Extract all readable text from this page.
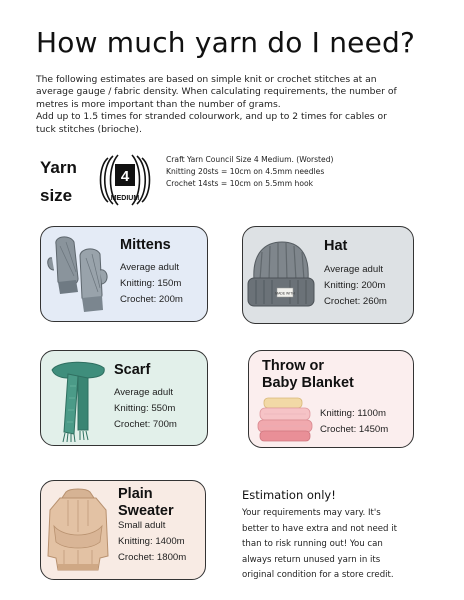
How much yarn do I need?
The following estimates are based on simple knit or crochet stitches at an
average gauge / fabric density. When calculating requirements, the number of
metres is more important than the number of grams.
Add up to 1.5 times for stranded colourwork, and up to 2 times for cables or
tuck stitches (brioche).
Yarn
size
4
MEDIUM
Craft Yarn Council Size 4 Medium. (Worsted)
Knitting 20sts = 10cm on 4.5mm needles
Crochet 14sts = 10cm on 5.5mm hook
Mittens
Average adult
Knitting: 150m
Crochet: 200m
MADE WITH
Hat
Average adult
Knitting: 200m
Crochet: 260m
Scarf
Average adult
Knitting: 550m
Crochet: 700m
Throw or
Baby Blanket
Knitting: 1100m
Crochet: 1450m
Plain
Sweater
Small adult
Knitting: 1400m
Crochet: 1800m
Estimation only!
Your requirements may vary. It's
better to have extra and not need it
than to risk running out! You can
always return unused yarn in its
original condition for a store credit.
